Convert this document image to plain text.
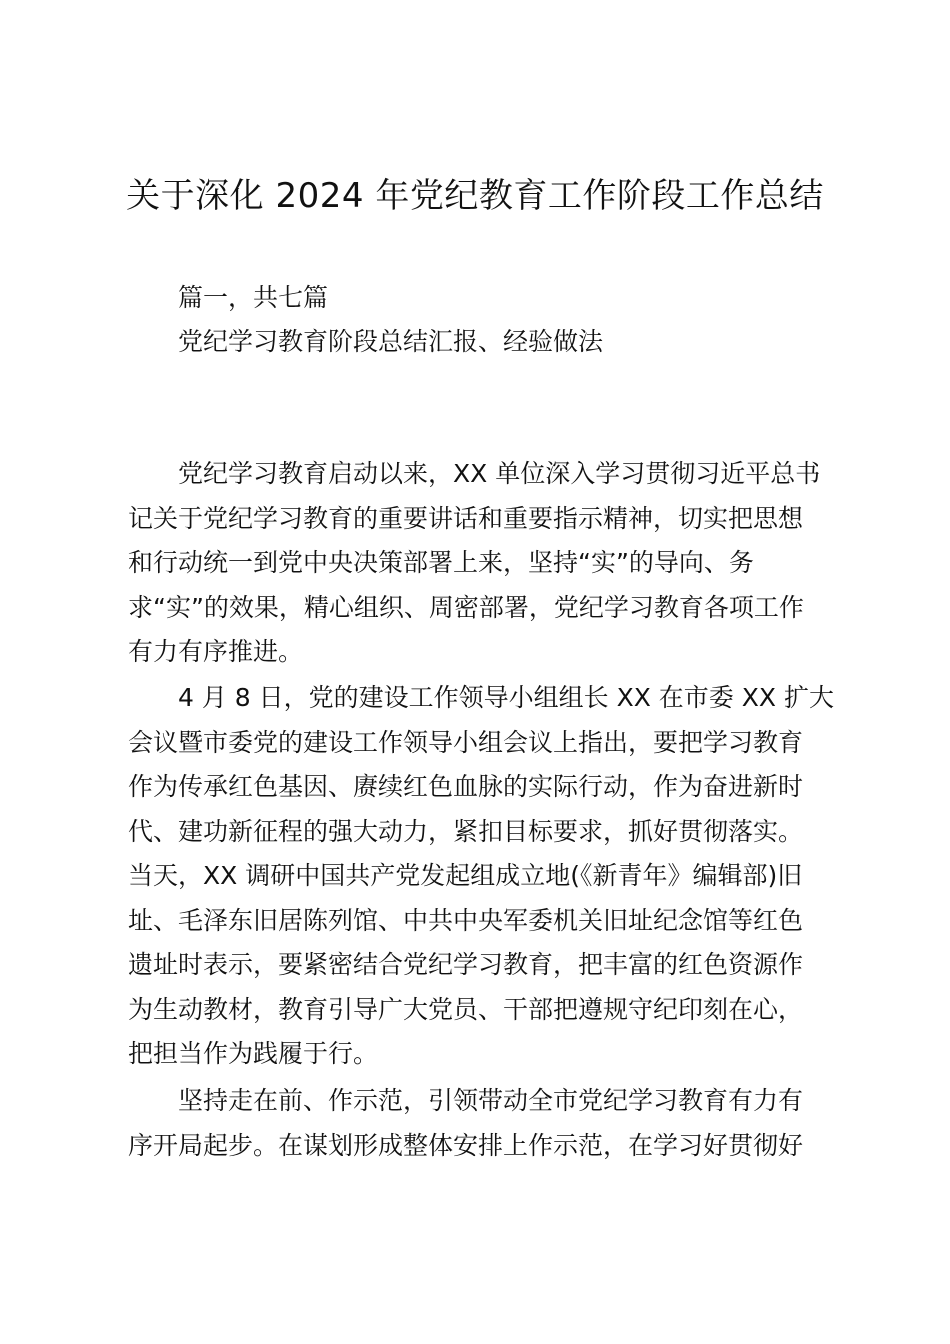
关于深化 2024 年党纪教育工作阶段工作总结

篇一，共七篇

党纪学习教育阶段总结汇报、经验做法

党纪学习教育启动以来，XX 单位深入学习贯彻习近平总书
记关于党纪学习教育的重要讲话和重要指示精神，切实把思想
和行动统一到党中央决策部署上来，坚持“实”的导向、务
求“实”的效果，精心组织、周密部署，党纪学习教育各项工作
有力有序推进。
4 月 8 日，党的建设工作领导小组组长 XX 在市委 XX 扩大
会议暨市委党的建设工作领导小组会议上指出，要把学习教育
作为传承红色基因、赓续红色血脉的实际行动，作为奋进新时
代、建功新征程的强大动力，紧扣目标要求，抓好贯彻落实。
当天，XX 调研中国共产党发起组成立地(《新青年》编辑部)旧
址、毛泽东旧居陈列馆、中共中央军委机关旧址纪念馆等红色
遗址时表示，要紧密结合党纪学习教育，把丰富的红色资源作
为生动教材，教育引导广大党员、干部把遵规守纪印刻在心，
把担当作为践履于行。
坚持走在前、作示范，引领带动全市党纪学习教育有力有
序开局起步。在谋划形成整体安排上作示范，在学习好贯彻好
